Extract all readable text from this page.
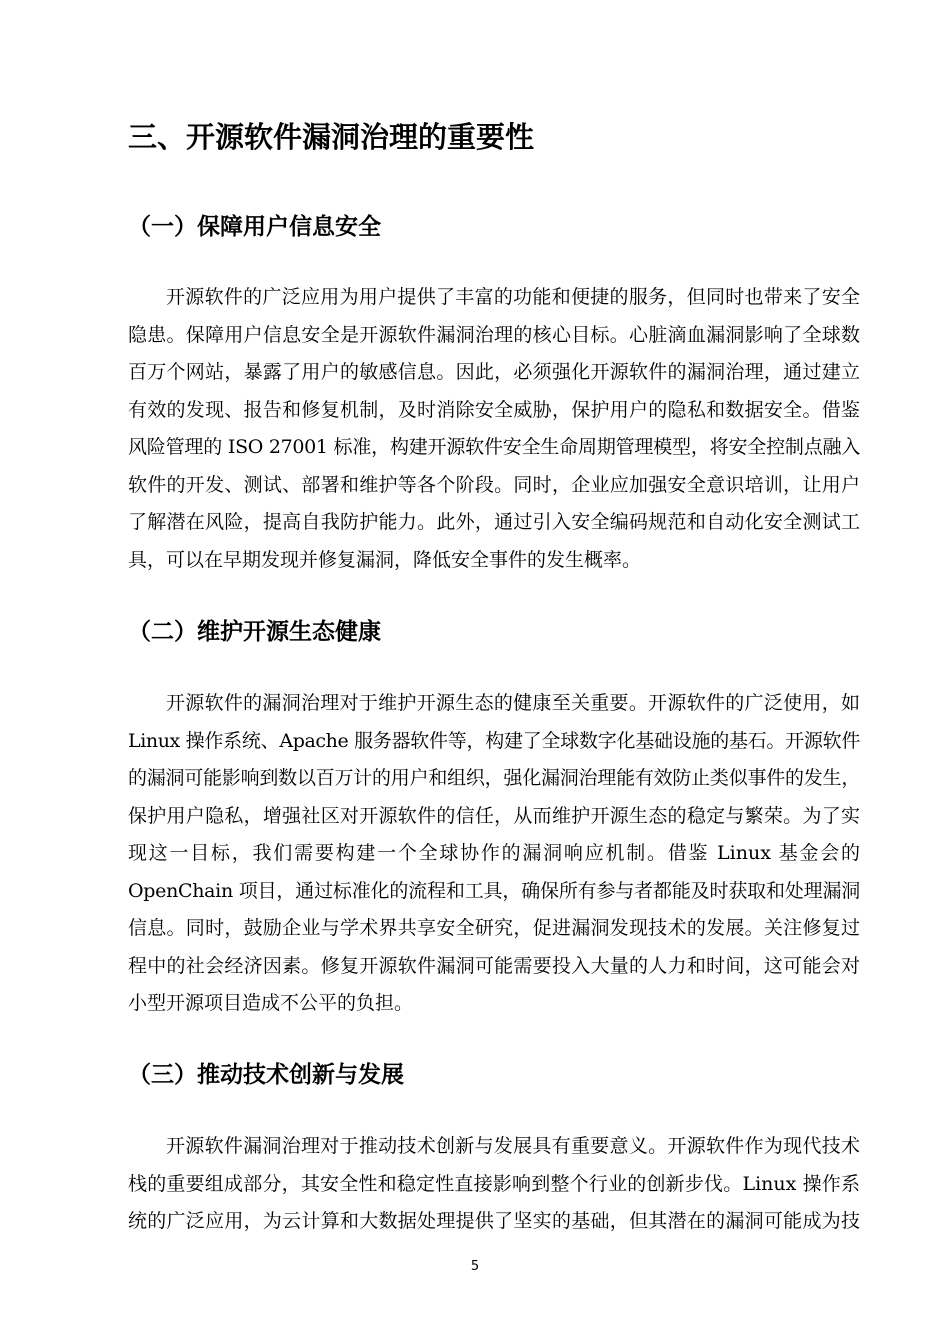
三、开源软件漏洞治理的重要性
（一）保障用户信息安全
开源软件的广泛应用为用户提供了丰富的功能和便捷的服务，但同时也带来了安全
隐患。保障用户信息安全是开源软件漏洞治理的核心目标。心脏滴血漏洞影响了全球数
百万个网站，暴露了用户的敏感信息。因此，必须强化开源软件的漏洞治理，通过建立
有效的发现、报告和修复机制，及时消除安全威胁，保护用户的隐私和数据安全。借鉴
风险管理的 ISO 27001 标准，构建开源软件安全生命周期管理模型，将安全控制点融入
软件的开发、测试、部署和维护等各个阶段。同时，企业应加强安全意识培训，让用户
了解潜在风险，提高自我防护能力。此外，通过引入安全编码规范和自动化安全测试工
具，可以在早期发现并修复漏洞，降低安全事件的发生概率。
（二）维护开源生态健康
开源软件的漏洞治理对于维护开源生态的健康至关重要。开源软件的广泛使用，如
Linux 操作系统、Apache 服务器软件等，构建了全球数字化基础设施的基石。开源软件
的漏洞可能影响到数以百万计的用户和组织，强化漏洞治理能有效防止类似事件的发生，
保护用户隐私，增强社区对开源软件的信任，从而维护开源生态的稳定与繁荣。为了实
现这一目标，我们需要构建一个全球协作的漏洞响应机制。借鉴 Linux 基金会的
OpenChain 项目，通过标准化的流程和工具，确保所有参与者都能及时获取和处理漏洞
信息。同时，鼓励企业与学术界共享安全研究，促进漏洞发现技术的发展。关注修复过
程中的社会经济因素。修复开源软件漏洞可能需要投入大量的人力和时间，这可能会对
小型开源项目造成不公平的负担。
（三）推动技术创新与发展
开源软件漏洞治理对于推动技术创新与发展具有重要意义。开源软件作为现代技术
栈的重要组成部分，其安全性和稳定性直接影响到整个行业的创新步伐。Linux 操作系
统的广泛应用，为云计算和大数据处理提供了坚实的基础，但其潜在的漏洞可能成为技
5
